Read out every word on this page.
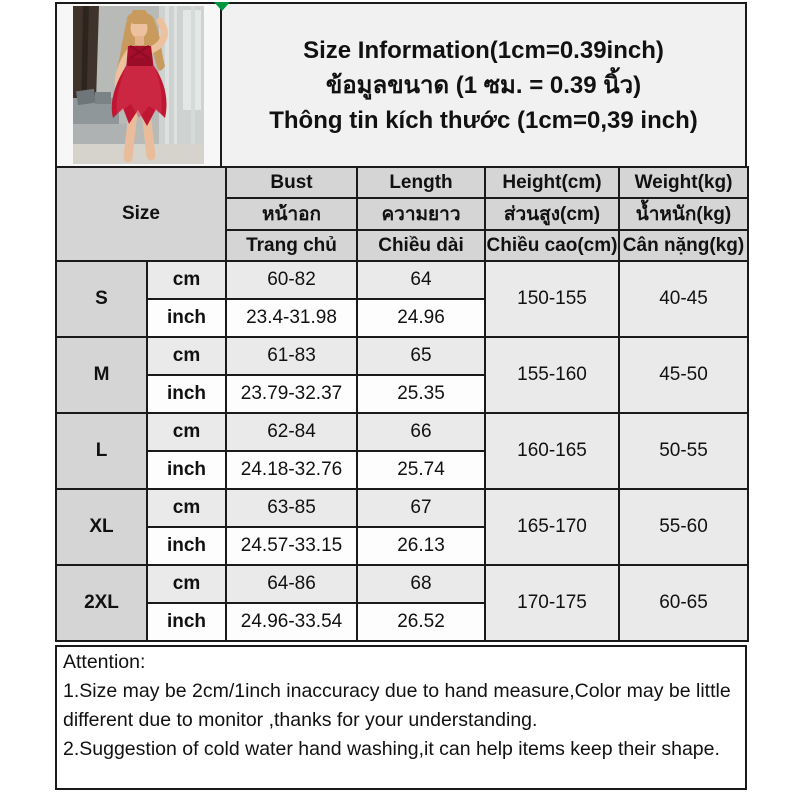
Size Information(1cm=0.39inch)
ข้อมูลขนาด (1 ซม. = 0.39 นิ้ว)
Thông tin kích thước (1cm=0,39 inch)
Size		Bust	Length	Height(cm)	Weight(kg)
		หน้าอก	ความยาว	ส่วนสูง(cm)	น้ำหนัก(kg)
		Trang chủ	Chiều dài	Chiều cao(cm)	Cân nặng(kg)
S	cm	60-82	64	150-155	40-45
	inch	23.4-31.98	24.96		
M	cm	61-83	65	155-160	45-50
	inch	23.79-32.37	25.35		
L	cm	62-84	66	160-165	50-55
	inch	24.18-32.76	25.74		
XL	cm	63-85	67	165-170	55-60
	inch	24.57-33.15	26.13		
2XL	cm	64-86	68	170-175	60-65
	inch	24.96-33.54	26.52		

Attention:

1.Size may be 2cm/1inch inaccuracy due to hand measure,Color may be little different due to monitor ,thanks for your understanding.

2.Suggestion of cold water hand washing,it can help items keep their shape.
